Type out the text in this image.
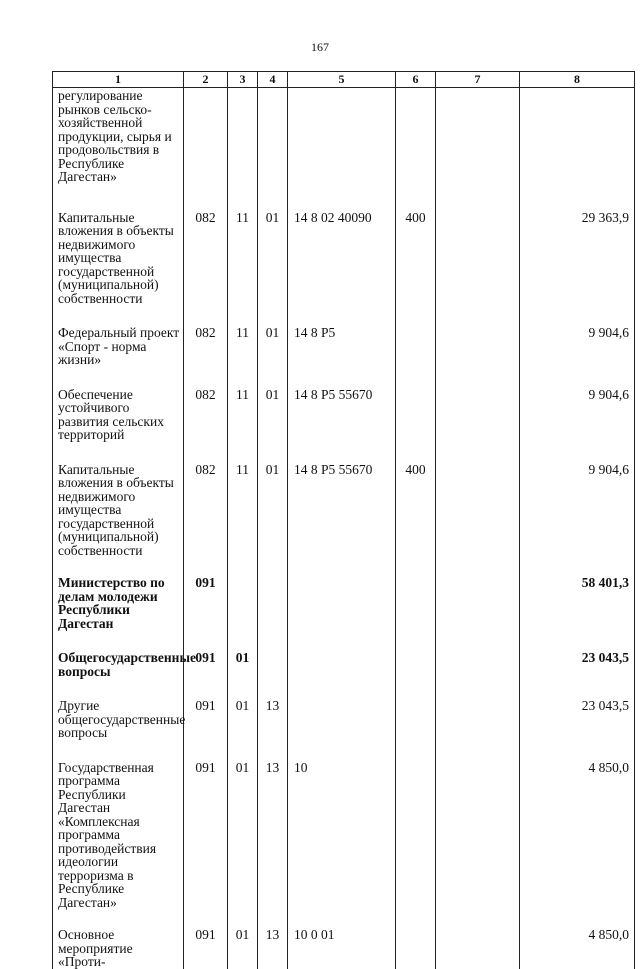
167
1	2	3	4	5	6	7	8
регулирование рынков сельско-хозяйственной продукции, сырья и продовольствия в Республике Дагестан»							
Капитальные вложения в объекты недвижимого имущества государственной (муниципальной) собственности	082	11	01	14 8 02 40090	400		29 363,9
Федеральный проект «Спорт - норма жизни»	082	11	01	14 8 P5			9 904,6
Обеспечение устойчивого развития сельских территорий	082	11	01	14 8 P5 55670			9 904,6
Капитальные вложения в объекты недвижимого имущества государственной (муниципальной) собственности	082	11	01	14 8 P5 55670	400		9 904,6
Министерство по делам молодежи Республики Дагестан	091						58 401,3
Общегосударственные вопросы	091	01					23 043,5
Другие общегосударственные вопросы	091	01	13				23 043,5
Государственная программа Республики Дагестан «Комплексная программа противодействия идеологии терроризма в Республике Дагестан»	091	01	13	10			4 850,0
Основное мероприятие «Проти-	091	01	13	10 0 01			4 850,0
